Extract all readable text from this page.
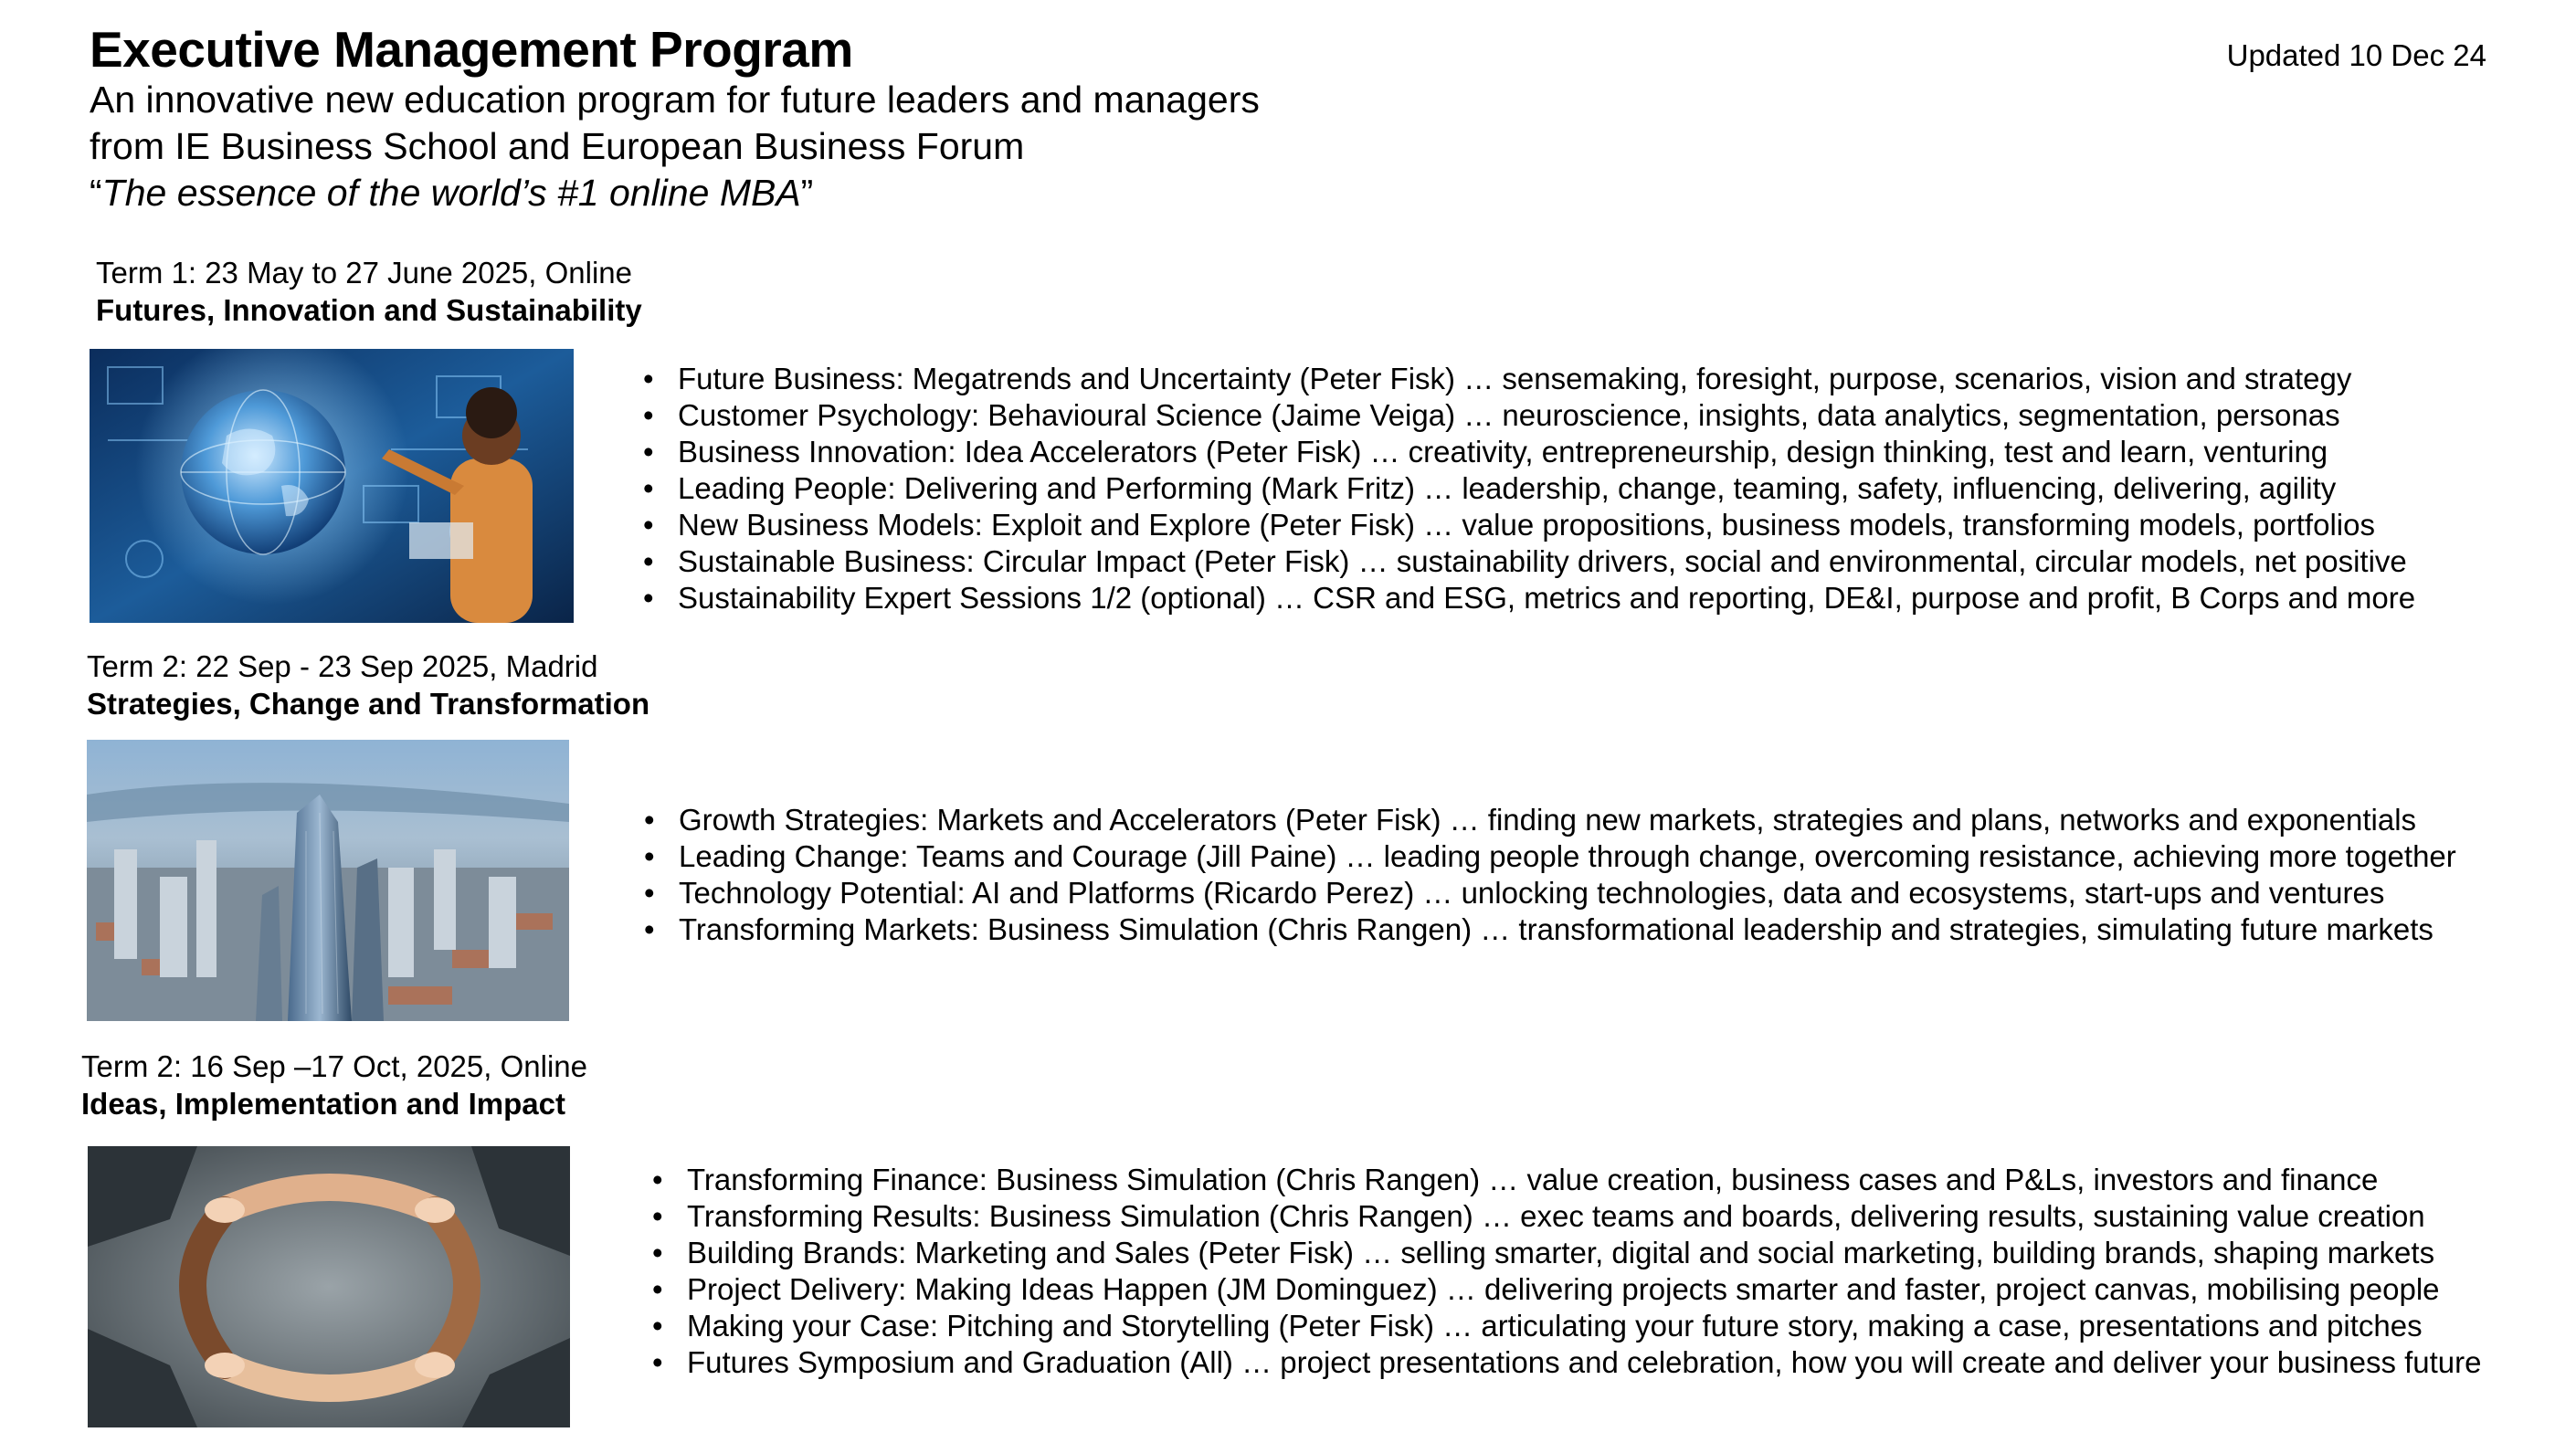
Executive Management Program	Updated 10 Dec 24
An innovative new education program for future leaders and managers
from IE Business School and European Business Forum
“The essence of the world’s #1 online MBA”
Term 1: 23 May to 27 June 2025, Online
Futures, Innovation and Sustainability
• Future Business: Megatrends and Uncertainty (Peter Fisk) … sensemaking, foresight, purpose, scenarios, vision and strategy
• Customer Psychology: Behavioural Science (Jaime Veiga) … neuroscience, insights, data analytics, segmentation, personas
• Business Innovation: Idea Accelerators (Peter Fisk) … creativity, entrepreneurship, design thinking, test and learn, venturing
• Leading People: Delivering and Performing (Mark Fritz) … leadership, change, teaming, safety, influencing, delivering, agility
• New Business Models: Exploit and Explore (Peter Fisk) … value propositions, business models, transforming models, portfolios
• Sustainable Business: Circular Impact (Peter Fisk) … sustainability drivers, social and environmental, circular models, net positive
• Sustainability Expert Sessions 1/2 (optional) … CSR and ESG, metrics and reporting, DE&I, purpose and profit, B Corps and more
Term 2: 22 Sep - 23 Sep 2025, Madrid
Strategies, Change and Transformation
• Growth Strategies: Markets and Accelerators (Peter Fisk) … finding new markets, strategies and plans, networks and exponentials
• Leading Change: Teams and Courage (Jill Paine) … leading people through change, overcoming resistance, achieving more together
• Technology Potential: AI and Platforms (Ricardo Perez) … unlocking technologies, data and ecosystems, start-ups and ventures
• Transforming Markets: Business Simulation (Chris Rangen) … transformational leadership and strategies, simulating future markets
Term 2: 16 Sep –17 Oct, 2025, Online
Ideas, Implementation and Impact
• Transforming Finance: Business Simulation (Chris Rangen) … value creation, business cases and P&Ls, investors and finance
• Transforming Results: Business Simulation (Chris Rangen) … exec teams and boards, delivering results, sustaining value creation
• Building Brands: Marketing and Sales (Peter Fisk) … selling smarter, digital and social marketing, building brands, shaping markets
• Project Delivery: Making Ideas Happen (JM Dominguez) … delivering projects smarter and faster, project canvas, mobilising people
• Making your Case: Pitching and Storytelling (Peter Fisk) … articulating your future story, making a case, presentations and pitches
• Futures Symposium and Graduation (All) … project presentations and celebration, how you will create and deliver your business future
